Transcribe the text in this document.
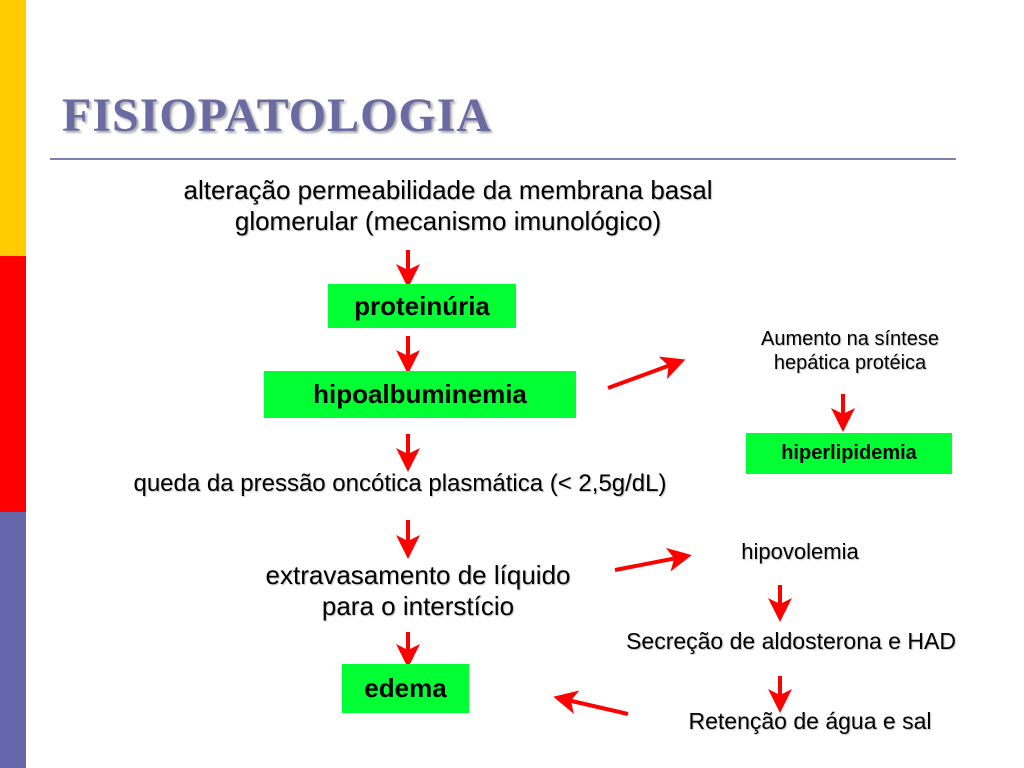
FISIOPATOLOGIA
alteração permeabilidade da membrana basal
glomerular (mecanismo imunológico)
proteinúria
hipoalbuminemia
queda da pressão oncótica plasmática (< 2,5g/dL)
extravasamento de líquido
para o interstício
edema
Aumento na síntese
hepática protéica
hiperlipidemia
hipovolemia
Secreção de aldosterona e HAD
Retenção de água e sal
